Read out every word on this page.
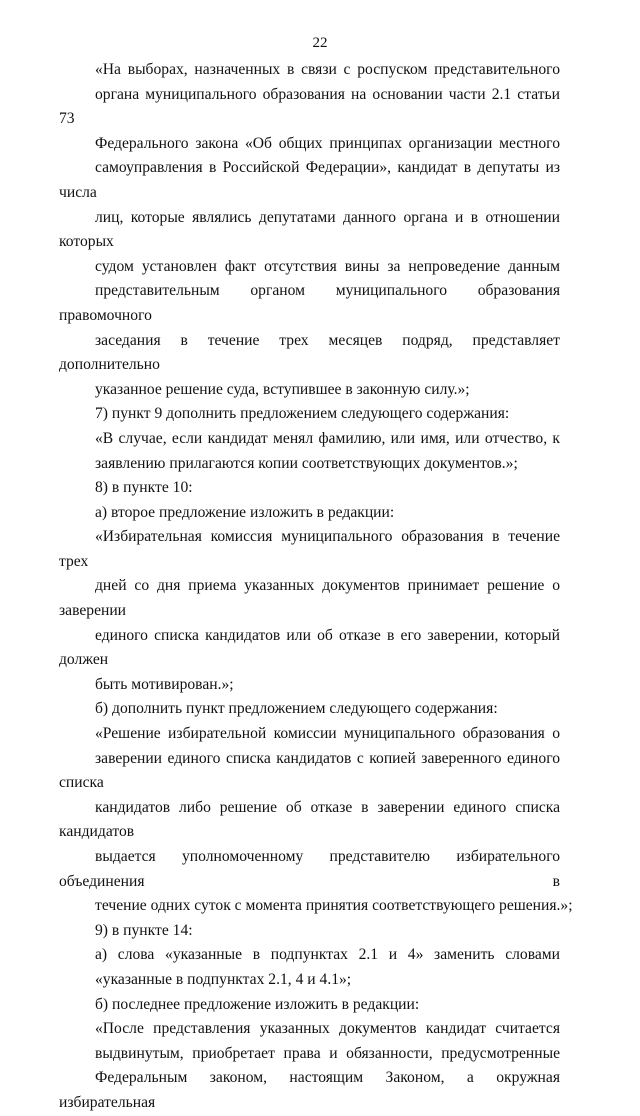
22

«На выборах, назначенных в связи с роспуском представительного
органа муниципального образования на основании части 2.1 статьи 73
Федерального закона «Об общих принципах организации местного
самоуправления в Российской Федерации», кандидат в депутаты из числа
лиц, которые являлись депутатами данного органа и в отношении которых
судом установлен факт отсутствия вины за непроведение данным
представительным органом муниципального образования правомочного
заседания в течение трех месяцев подряд, представляет дополнительно
указанное решение суда, вступившее в законную силу.»;

7) пункт 9 дополнить предложением следующего содержания:

«В случае, если кандидат менял фамилию, или имя, или отчество, к
заявлению прилагаются копии соответствующих документов.»;

8) в пункте 10:

а) второе предложение изложить в редакции:

«Избирательная комиссия муниципального образования в течение трех
дней со дня приема указанных документов принимает решение о заверении
единого списка кандидатов или об отказе в его заверении, который должен
быть мотивирован.»;

б) дополнить пункт предложением следующего содержания:

«Решение избирательной комиссии муниципального образования о
заверении единого списка кандидатов с копией заверенного единого списка
кандидатов либо решение об отказе в заверении единого списка кандидатов
выдается уполномоченному представителю избирательного объединения в
течение одних суток с момента принятия соответствующего решения.»;

9) в пункте 14:

а) слова «указанные в подпунктах 2.1 и 4» заменить словами
«указанные в подпунктах 2.1, 4 и 4.1»;

б) последнее предложение изложить в редакции:

«После представления указанных документов кандидат считается
выдвинутым, приобретает права и обязанности, предусмотренные
Федеральным законом, настоящим Законом, а окружная избирательная
